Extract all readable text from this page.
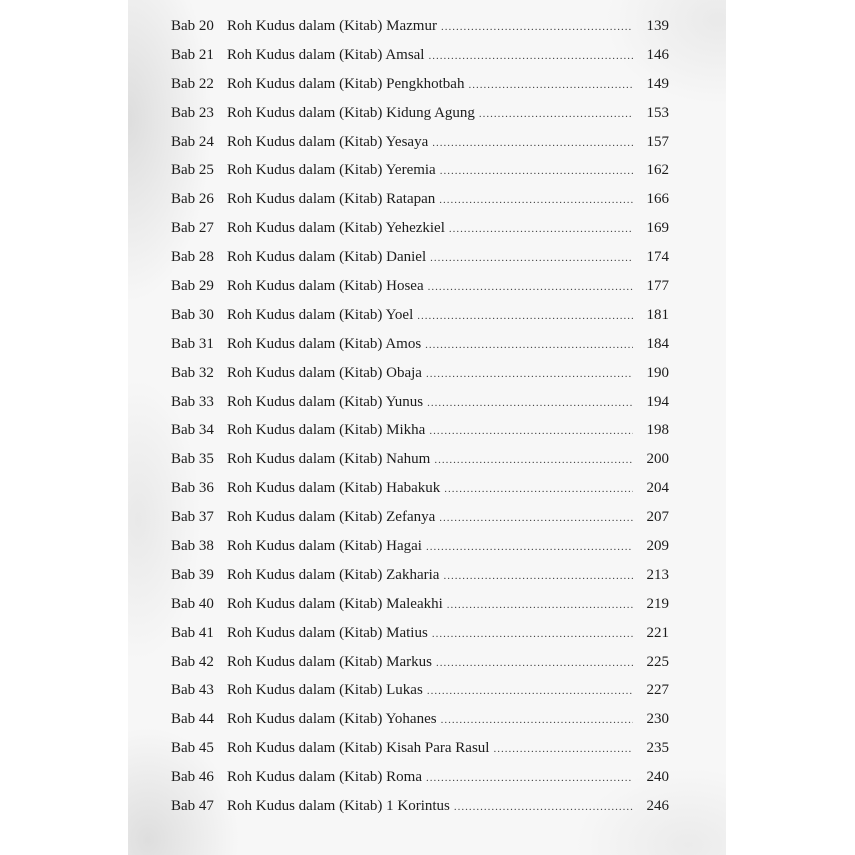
Bab 20 Roh Kudus dalam (Kitab) Mazmur .....	139
Bab 21 Roh Kudus dalam (Kitab) Amsal .....	146
Bab 22 Roh Kudus dalam (Kitab) Pengkhotbah .....	149
Bab 23 Roh Kudus dalam (Kitab) Kidung Agung .....	153
Bab 24 Roh Kudus dalam (Kitab) Yesaya .....	157
Bab 25 Roh Kudus dalam (Kitab) Yeremia .....	162
Bab 26 Roh Kudus dalam (Kitab) Ratapan .....	166
Bab 27 Roh Kudus dalam (Kitab) Yehezkiel .....	169
Bab 28 Roh Kudus dalam (Kitab) Daniel .....	174
Bab 29 Roh Kudus dalam (Kitab) Hosea .....	177
Bab 30 Roh Kudus dalam (Kitab) Yoel .....	181
Bab 31 Roh Kudus dalam (Kitab) Amos .....	184
Bab 32 Roh Kudus dalam (Kitab) Obaja .....	190
Bab 33 Roh Kudus dalam (Kitab) Yunus .....	194
Bab 34 Roh Kudus dalam (Kitab) Mikha .....	198
Bab 35 Roh Kudus dalam (Kitab) Nahum .....	200
Bab 36 Roh Kudus dalam (Kitab) Habakuk .....	204
Bab 37 Roh Kudus dalam (Kitab) Zefanya .....	207
Bab 38 Roh Kudus dalam (Kitab) Hagai .....	209
Bab 39 Roh Kudus dalam (Kitab) Zakharia .....	213
Bab 40 Roh Kudus dalam (Kitab) Maleakhi .....	219
Bab 41 Roh Kudus dalam (Kitab) Matius .....	221
Bab 42 Roh Kudus dalam (Kitab) Markus .....	225
Bab 43 Roh Kudus dalam (Kitab) Lukas .....	227
Bab 44 Roh Kudus dalam (Kitab) Yohanes .....	230
Bab 45 Roh Kudus dalam (Kitab) Kisah Para Rasul .....	235
Bab 46 Roh Kudus dalam (Kitab) Roma .....	240
Bab 47 Roh Kudus dalam (Kitab) 1 Korintus .....	246
